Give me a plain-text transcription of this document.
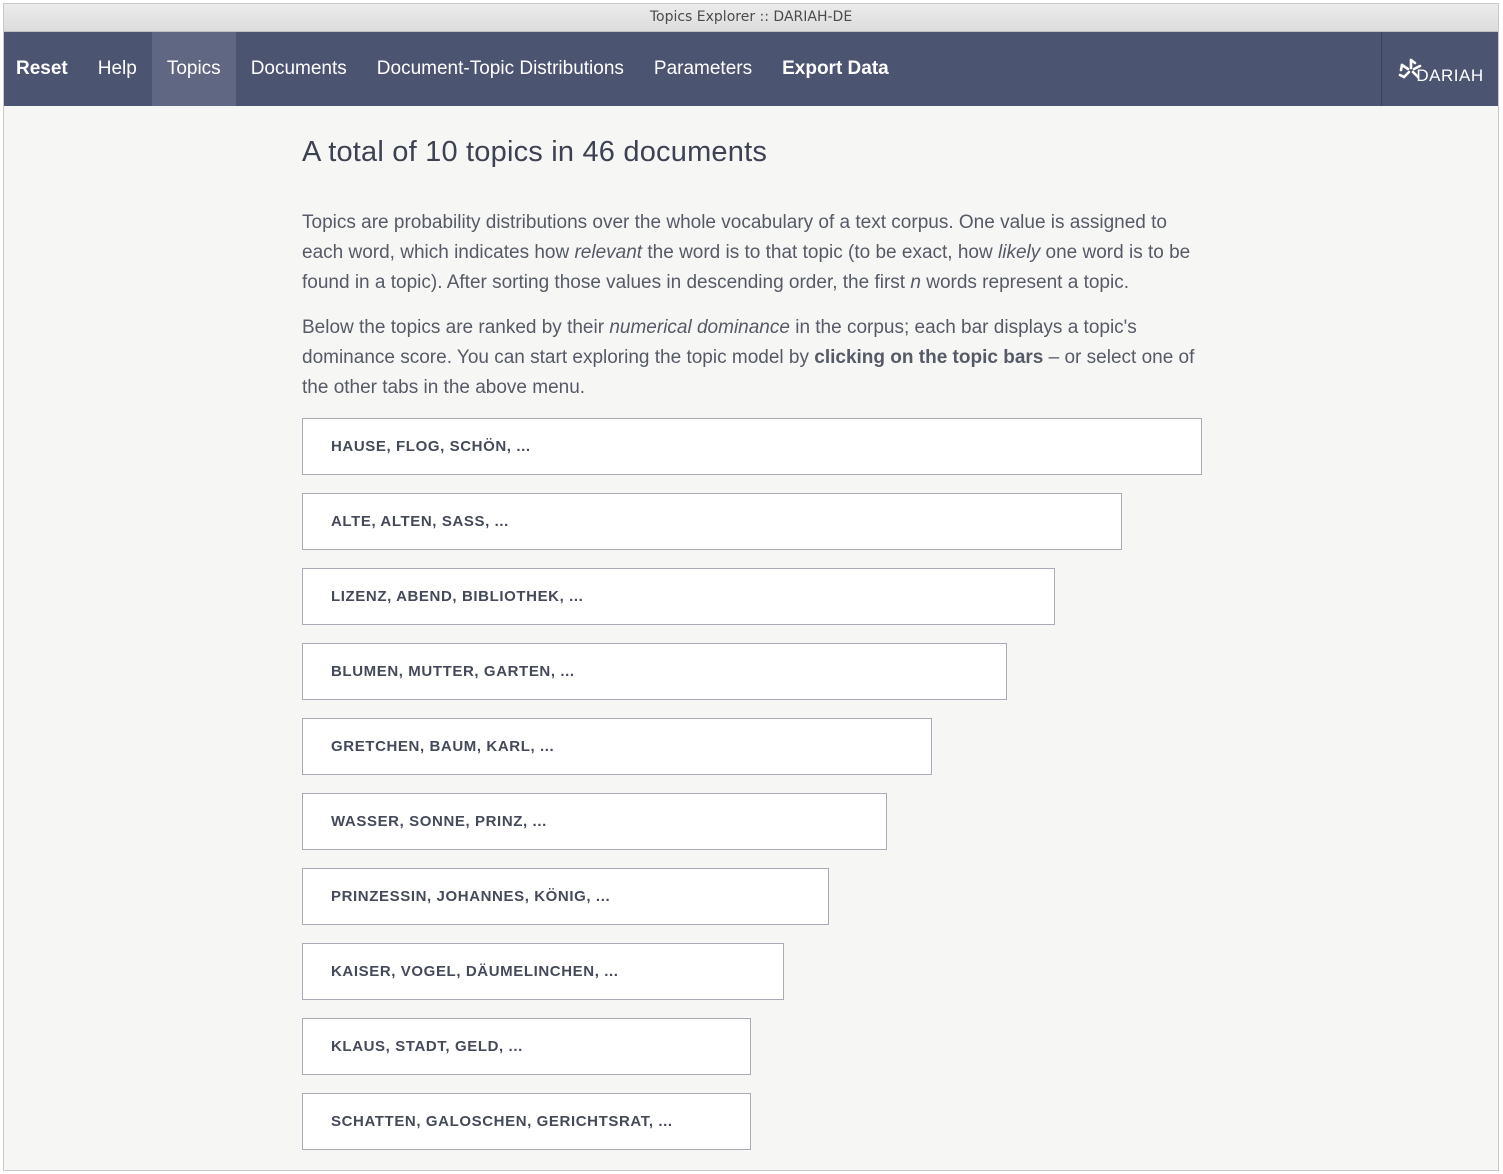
Topics Explorer :: DARIAH-DE
Reset	Help	Topics	Documents	Document-Topic Distributions	Parameters	Export Data	DARIAH
A total of 10 topics in 46 documents

Topics are probability distributions over the whole vocabulary of a text corpus. One value is assigned to each word, which indicates how relevant the word is to that topic (to be exact, how likely one word is to be found in a topic). After sorting those values in descending order, the first n words represent a topic.

Below the topics are ranked by their numerical dominance in the corpus; each bar displays a topic's dominance score. You can start exploring the topic model by clicking on the topic bars – or select one of the other tabs in the above menu.

HAUSE, FLOG, SCHÖN, ...
ALTE, ALTEN, SASS, ...
LIZENZ, ABEND, BIBLIOTHEK, ...
BLUMEN, MUTTER, GARTEN, ...
GRETCHEN, BAUM, KARL, ...
WASSER, SONNE, PRINZ, ...
PRINZESSIN, JOHANNES, KÖNIG, ...
KAISER, VOGEL, DÄUMELINCHEN, ...
KLAUS, STADT, GELD, ...
SCHATTEN, GALOSCHEN, GERICHTSRAT, ...
